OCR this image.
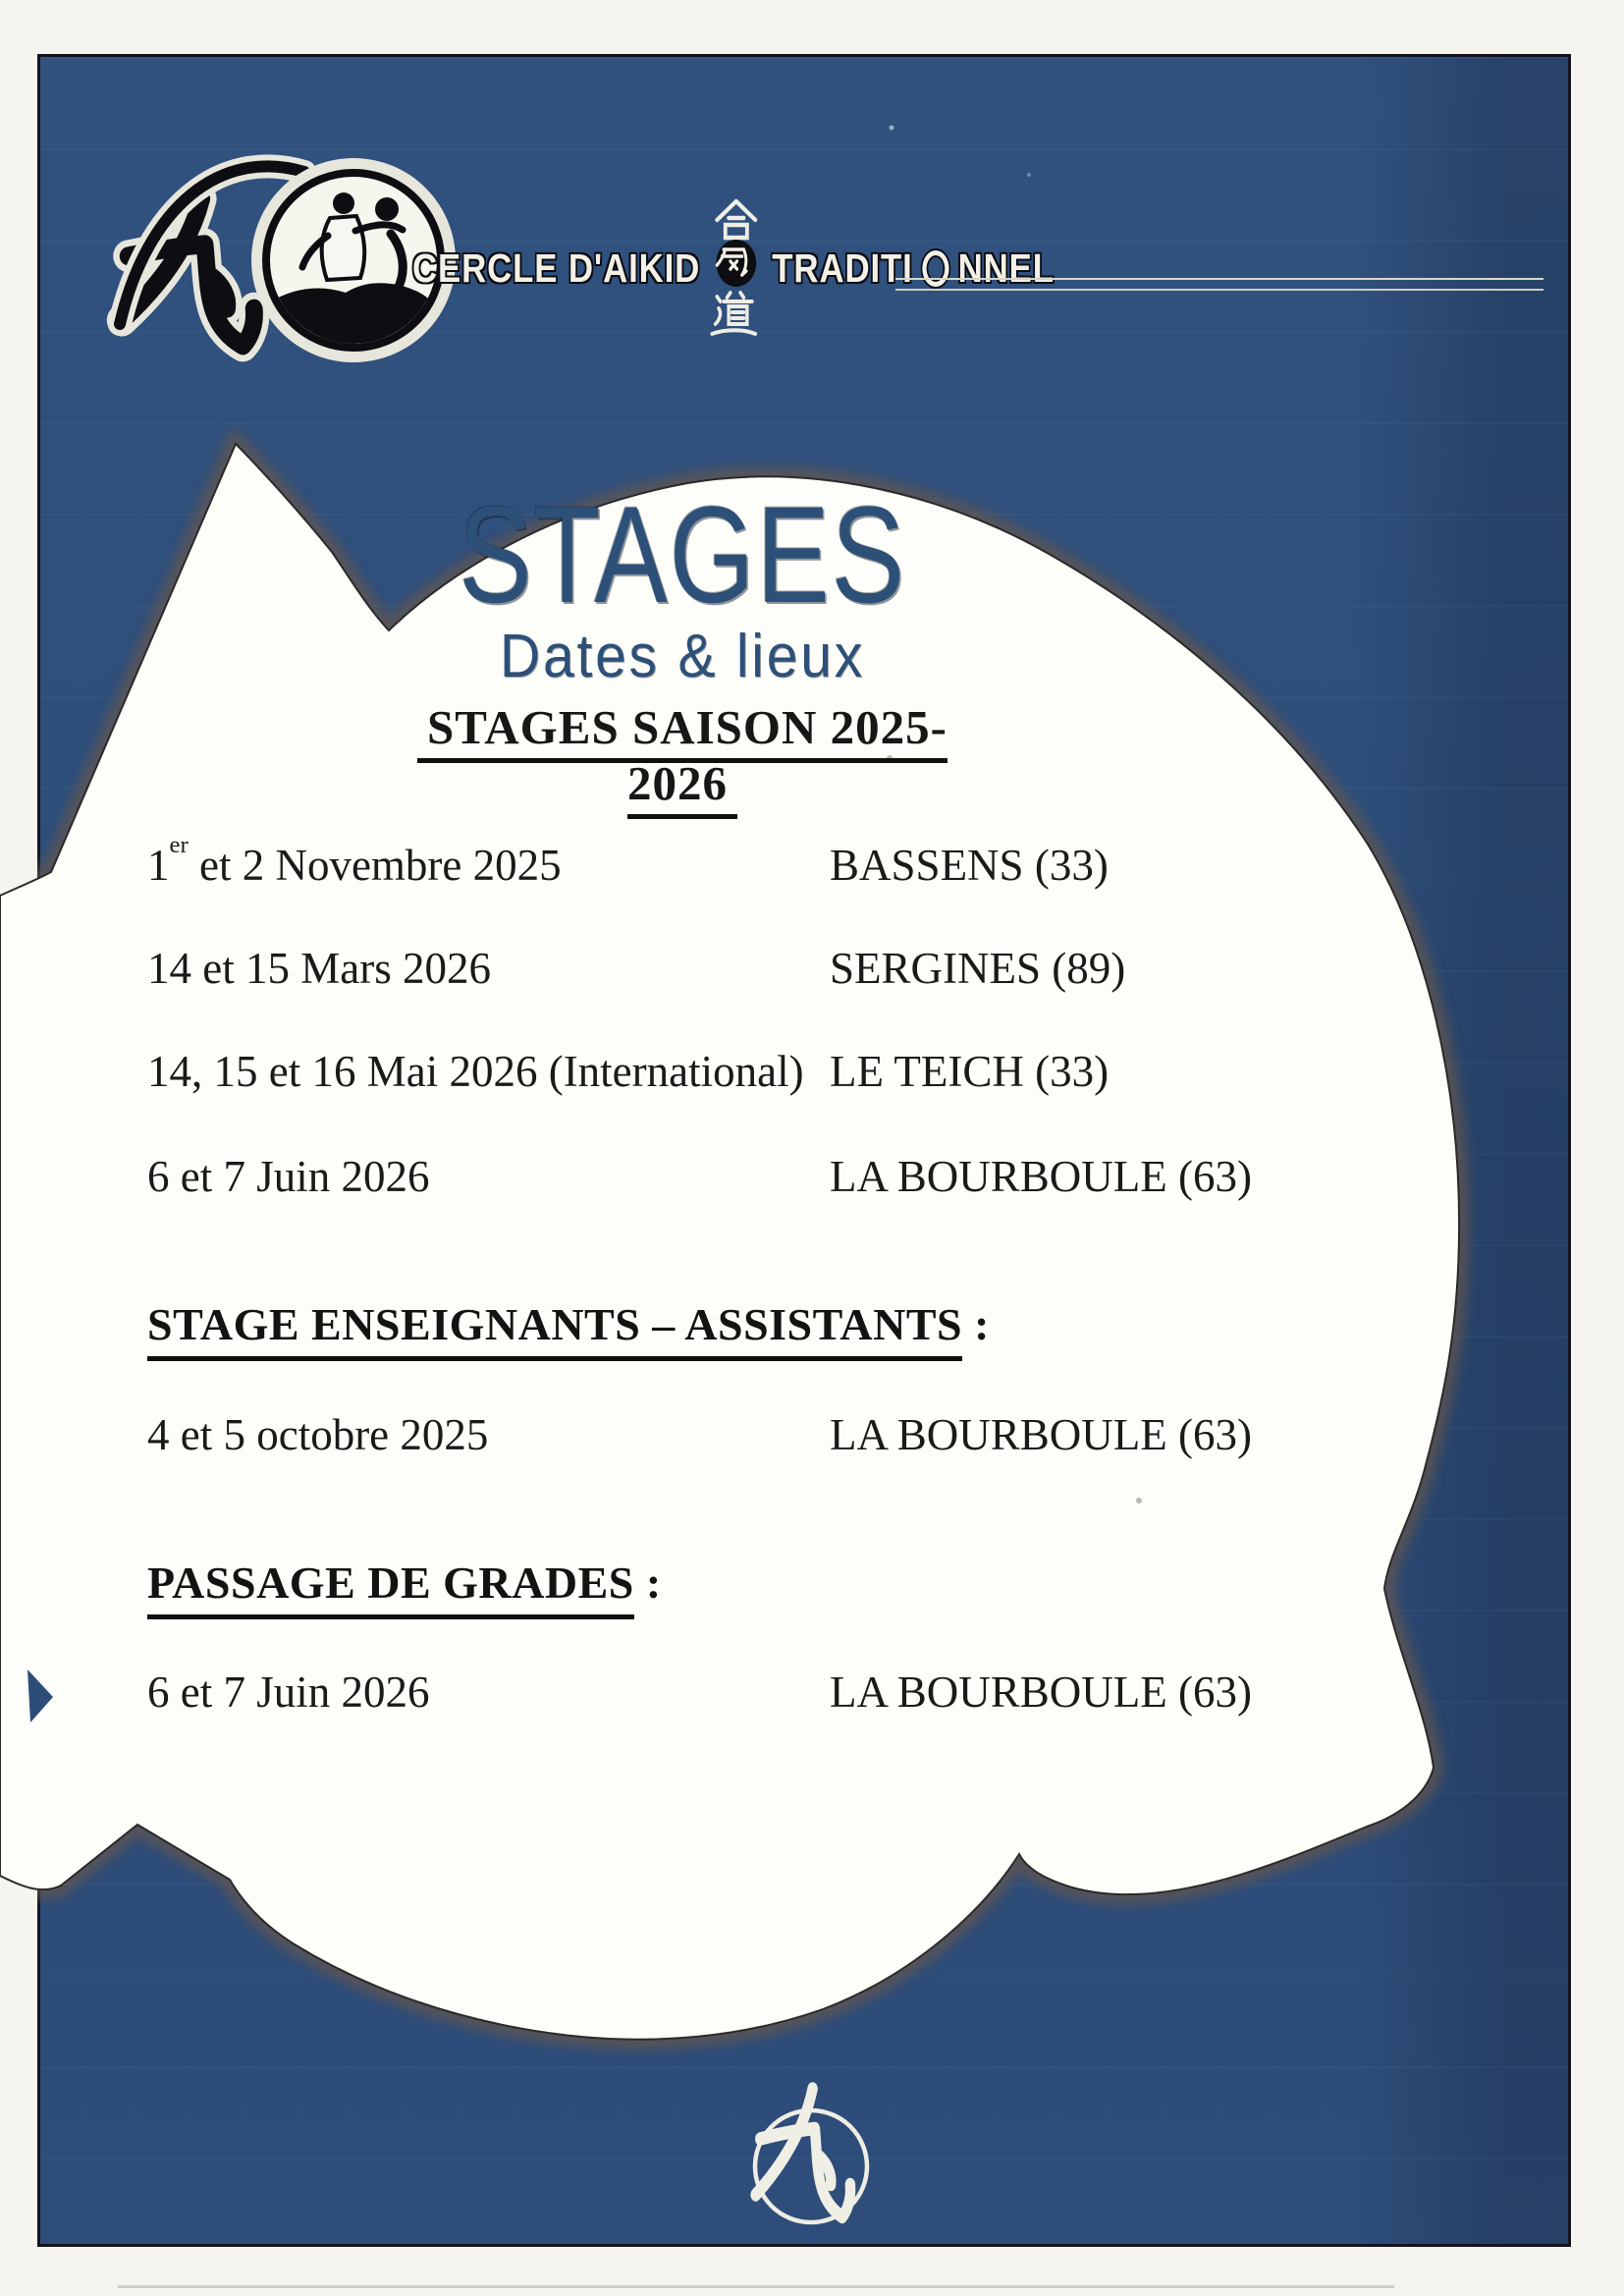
CERCLE D'AIKID TRADITI NNEL
STAGES
Dates & lieux
STAGES SAISON 2025-2026
1er et 2 Novembre 2025	BASSENS (33)
14 et 15 Mars 2026	SERGINES (89)
14, 15 et 16 Mai 2026 (International) LE TEICH (33)
6 et 7 Juin 2026	LA BOURBOULE (63)
STAGE ENSEIGNANTS – ASSISTANTS :
4 et 5 octobre 2025	LA BOURBOULE (63)
PASSAGE DE GRADES :
6 et 7 Juin 2026	LA BOURBOULE (63)
